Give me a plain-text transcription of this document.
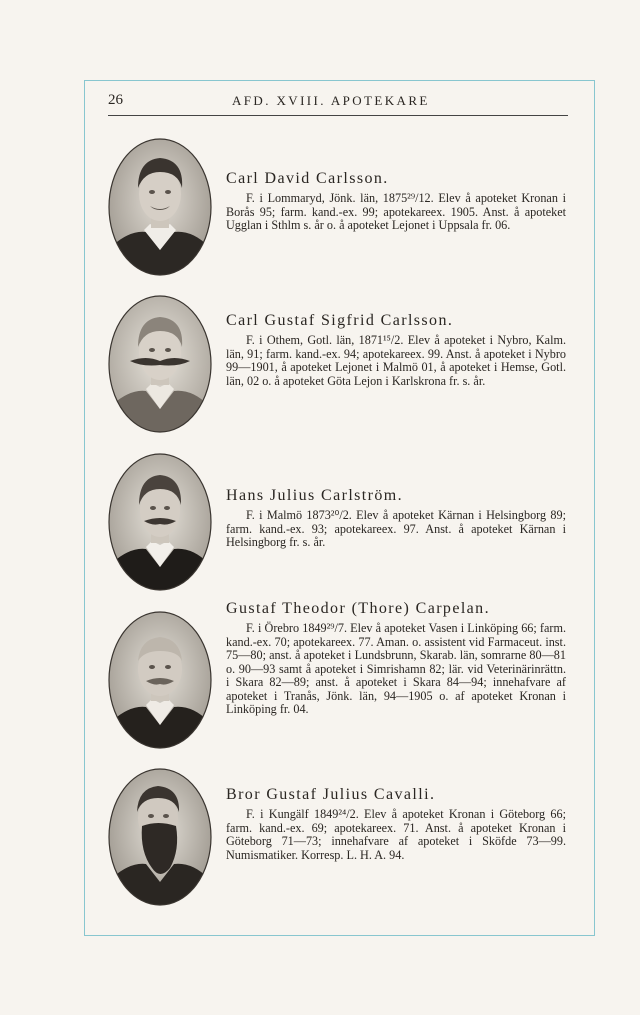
26	AFD. XVIII. APOTEKARE

Carl David Carlsson.

F. i Lommaryd, Jönk. län, 1875²⁹/12. Elev å apoteket Kronan i Borås 95; farm. kand.-ex. 99; apotekareex. 1905. Anst. å apoteket Ugglan i Sthlm s. år o. å apoteket Lejonet i Uppsala fr. 06.

Carl Gustaf Sigfrid Carlsson.

F. i Othem, Gotl. län, 1871¹⁵/2. Elev å apoteket i Nybro, Kalm. län, 91; farm. kand.-ex. 94; apotekareex. 99. Anst. å apoteket i Nybro 99—1901, å apoteket Lejonet i Malmö 01, å apoteket i Hemse, Gotl. län, 02 o. å apoteket Göta Lejon i Karlskrona fr. s. år.

Hans Julius Carlström.

F. i Malmö 1873²⁰/2. Elev å apoteket Kärnan i Helsingborg 89; farm. kand.-ex. 93; apotekareex. 97. Anst. å apoteket Kärnan i Helsingborg fr. s. år.

Gustaf Theodor (Thore) Carpelan.

F. i Örebro 1849²⁹/7. Elev å apoteket Vasen i Linköping 66; farm. kand.-ex. 70; apotekareex. 77. Aman. o. assistent vid Farmaceut. inst. 75—80; anst. å apoteket i Lundsbrunn, Skarab. län, somrarne 80—81 o. 90—93 samt å apoteket i Simrishamn 82; lär. vid Veterinärinrättn. i Skara 82—89; anst. å apoteket i Skara 84—94; innehafvare af apoteket i Tranås, Jönk. län, 94—1905 o. af apoteket Kronan i Linköping fr. 04.

Bror Gustaf Julius Cavalli.

F. i Kungälf 1849²⁴/2. Elev å apoteket Kronan i Göteborg 66; farm. kand.-ex. 69; apotekareex. 71. Anst. å apoteket Kronan i Göteborg 71—73; innehafvare af apoteket i Sköfde 73—99. Numismatiker. Korresp. L. H. A. 94.
